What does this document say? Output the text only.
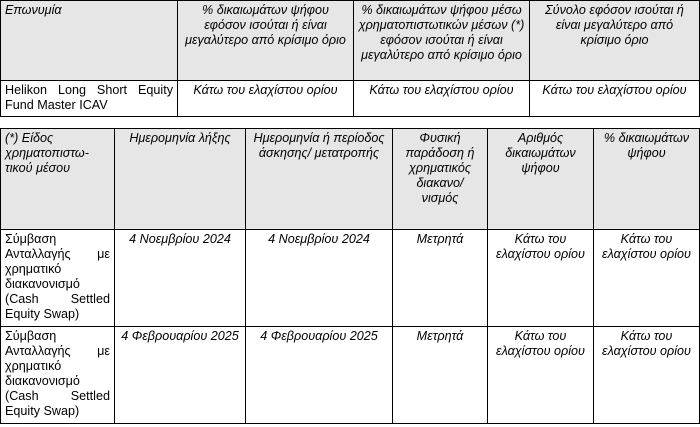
Επωνυμία	% δικαιωμάτων ψήφου εφόσον ισούται ή είναι μεγαλύτερο από κρίσιμο όριο	% δικαιωμάτων ψήφου μέσω χρηματοπιστωτικών μέσων (*) εφόσον ισούται ή είναι μεγαλύτερο από κρίσιμο όριο	Σύνολο εφόσον ισούται ή είναι μεγαλύτερο από κρίσιμο όριο
Helikon Long Short Equity Fund Master ICAV	Κάτω του ελαχίστου ορίου	Κάτω του ελαχίστου ορίου	Κάτω του ελαχίστου ορίου
(*) Είδος χρηματοπιστω-τικού μέσου	Ημερομηνία λήξης	Ημερομηνία ή περίοδος άσκησης/ μετατροπής	Φυσική παράδοση ή χρηματικός διακανο/ νισμός	Αριθμός δικαιωμάτων ψήφου	% δικαιωμάτων ψήφου
Σύμβαση Ανταλλαγής με χρηματικό διακανονισμό (Cash Settled Equity Swap)	4 Νοεμβρίου 2024	4 Νοεμβρίου 2024	Μετρητά	Κάτω του ελαχίστου ορίου	Κάτω του ελαχίστου ορίου
Σύμβαση Ανταλλαγής με χρηματικό διακανονισμό (Cash Settled Equity Swap)	4 Φεβρουαρίου 2025	4 Φεβρουαρίου 2025	Μετρητά	Κάτω του ελαχίστου ορίου	Κάτω του ελαχίστου ορίου
